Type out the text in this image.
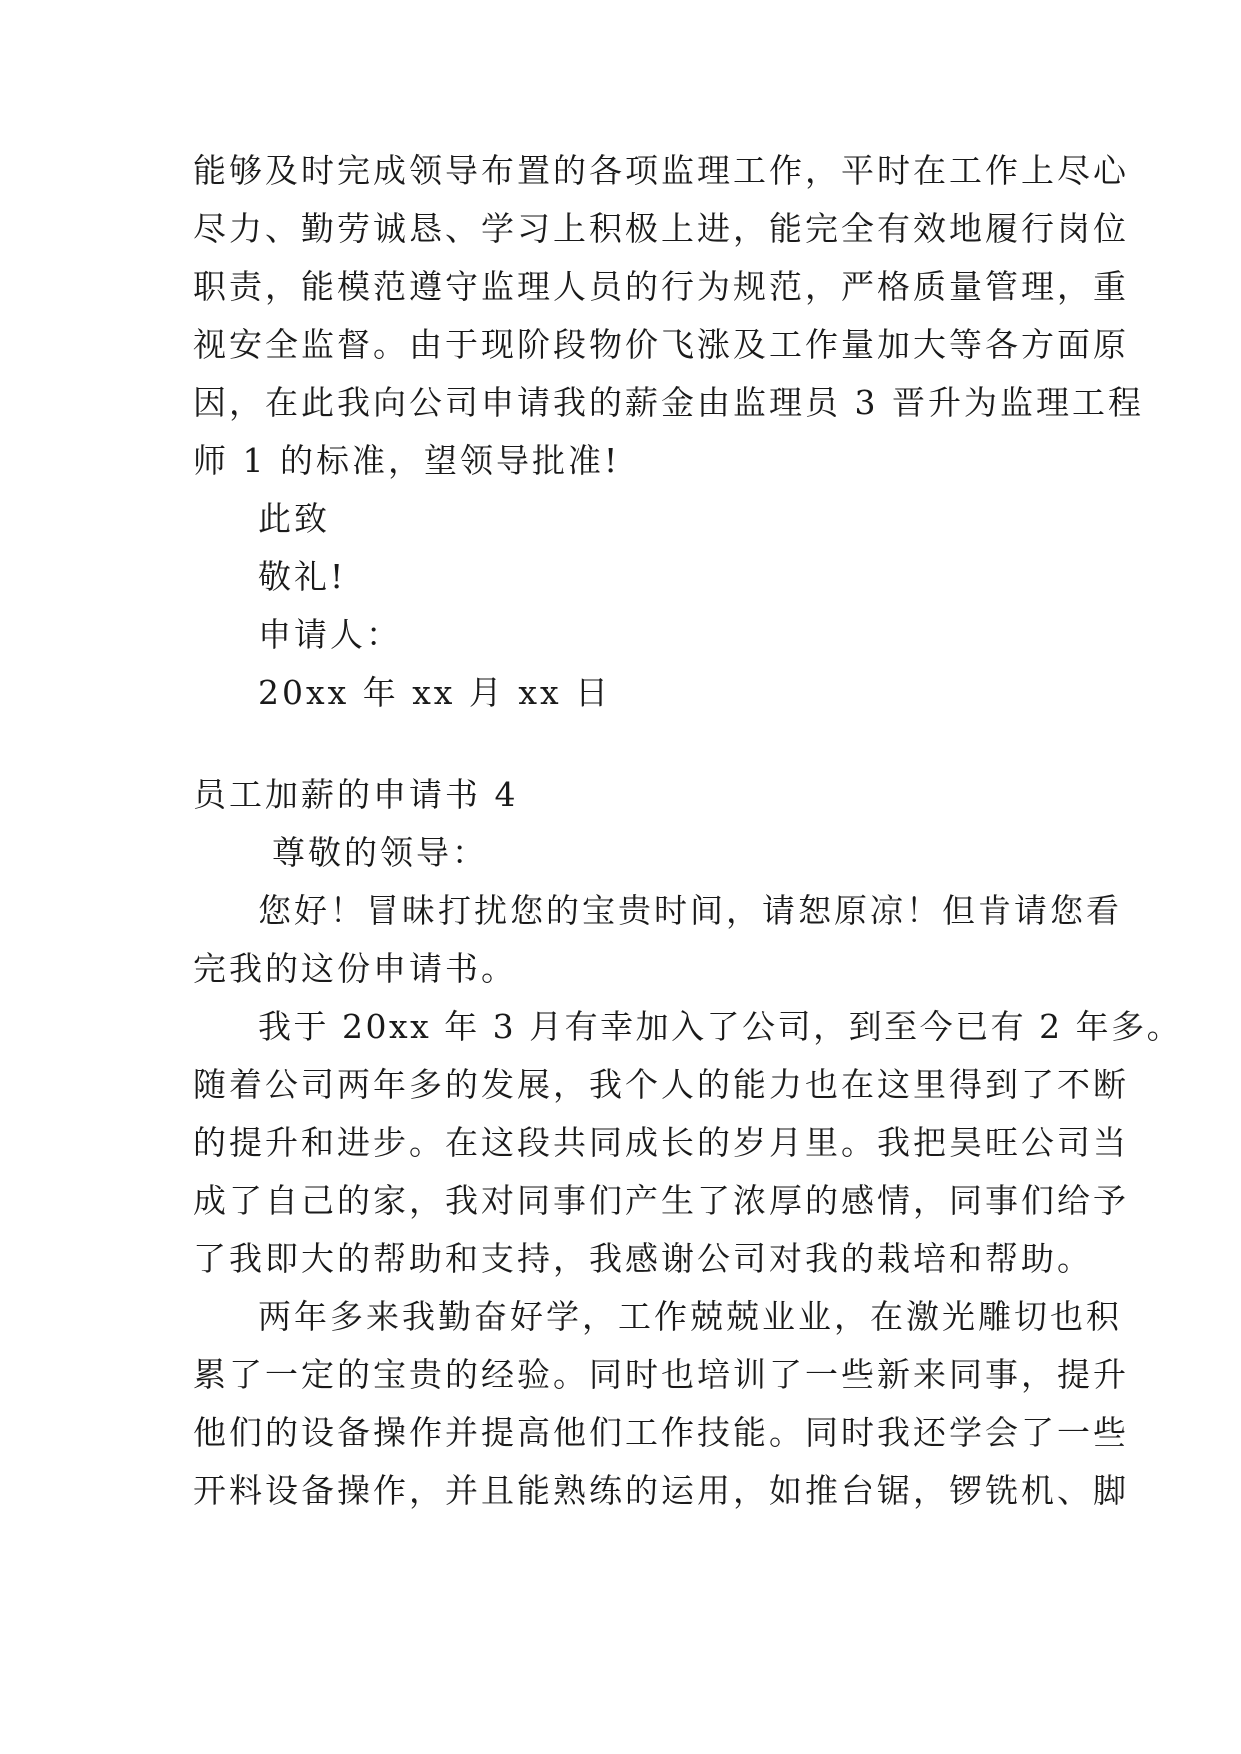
能够及时完成领导布置的各项监理工作，平时在工作上尽心

尽力、勤劳诚恳、学习上积极上进，能完全有效地履行岗位

职责，能模范遵守监理人员的行为规范，严格质量管理，重

视安全监督。由于现阶段物价飞涨及工作量加大等各方面原

因，在此我向公司申请我的薪金由监理员 3 晋升为监理工程

师 1 的标准，望领导批准!

此致

敬礼!

申请人：

20xx 年 xx 月 xx 日

员工加薪的申请书 4

尊敬的领导：

您好！冒昧打扰您的宝贵时间，请恕原凉！但肯请您看

完我的这份申请书。

我于 20xx 年 3 月有幸加入了公司，到至今已有 2 年多。

随着公司两年多的发展，我个人的能力也在这里得到了不断

的提升和进步。在这段共同成长的岁月里。我把昊旺公司当

成了自己的家，我对同事们产生了浓厚的感情，同事们给予

了我即大的帮助和支持，我感谢公司对我的栽培和帮助。

两年多来我勤奋好学，工作兢兢业业，在激光雕切也积

累了一定的宝贵的经验。同时也培训了一些新来同事，提升

他们的设备操作并提高他们工作技能。同时我还学会了一些

开料设备操作，并且能熟练的运用，如推台锯，锣铣机、脚
